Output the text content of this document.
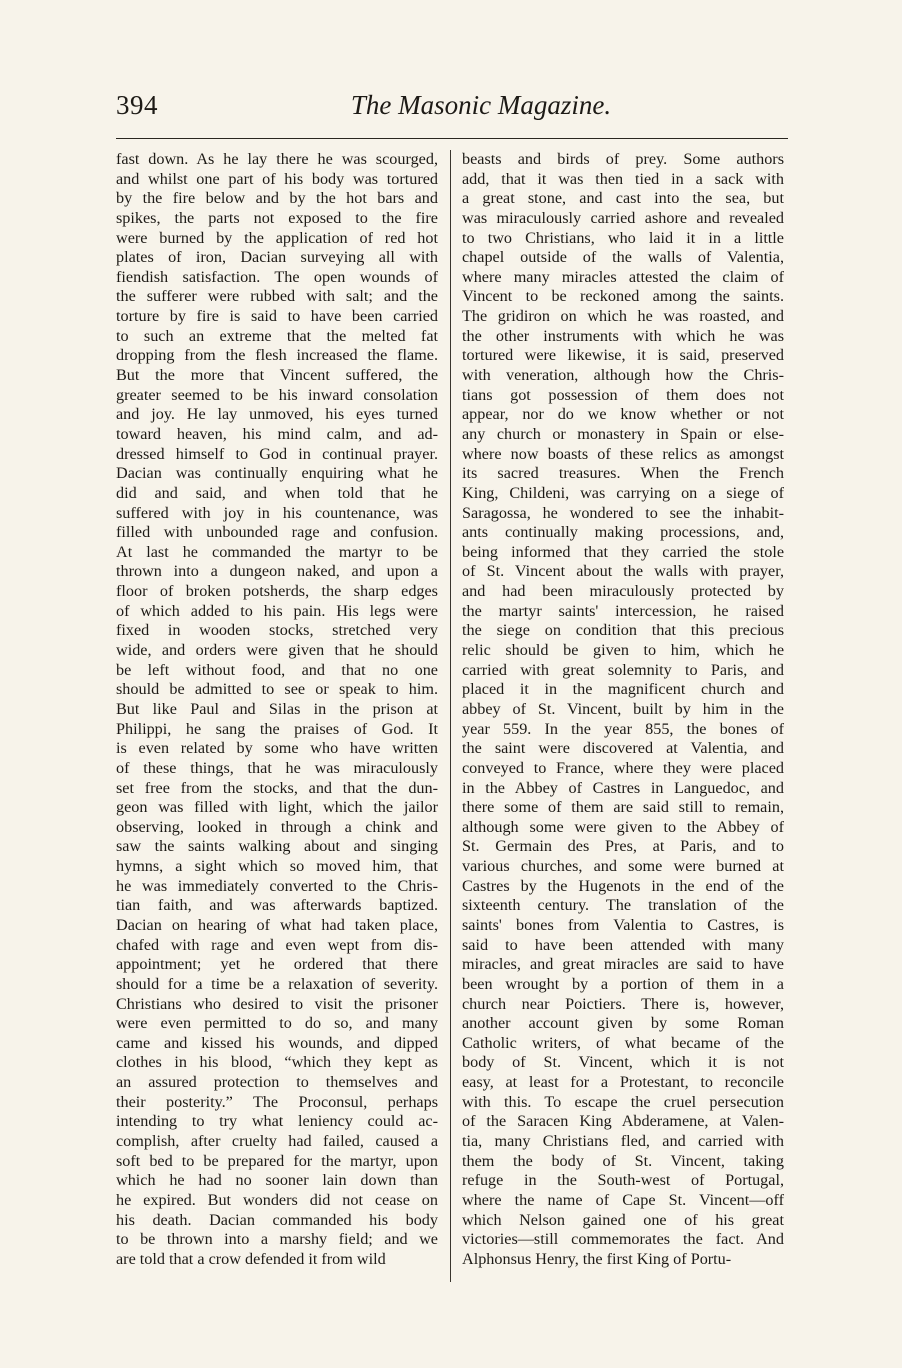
394	The Masonic Magazine.
fast down. As he lay there he was scourged,
and whilst one part of his body was tortured
by the fire below and by the hot bars and
spikes, the parts not exposed to the fire
were burned by the application of red hot
plates of iron, Dacian surveying all with
fiendish satisfaction. The open wounds of
the sufferer were rubbed with salt; and the
torture by fire is said to have been carried
to such an extreme that the melted fat
dropping from the flesh increased the flame.
But the more that Vincent suffered, the
greater seemed to be his inward consolation
and joy. He lay unmoved, his eyes turned
toward heaven, his mind calm, and ad-
dressed himself to God in continual prayer.
Dacian was continually enquiring what he
did and said, and when told that he
suffered with joy in his countenance, was
filled with unbounded rage and confusion.
At last he commanded the martyr to be
thrown into a dungeon naked, and upon a
floor of broken potsherds, the sharp edges
of which added to his pain. His legs were
fixed in wooden stocks, stretched very
wide, and orders were given that he should
be left without food, and that no one
should be admitted to see or speak to him.
But like Paul and Silas in the prison at
Philippi, he sang the praises of God. It
is even related by some who have written
of these things, that he was miraculously
set free from the stocks, and that the dun-
geon was filled with light, which the jailor
observing, looked in through a chink and
saw the saints walking about and singing
hymns, a sight which so moved him, that
he was immediately converted to the Chris-
tian faith, and was afterwards baptized.
Dacian on hearing of what had taken place,
chafed with rage and even wept from dis-
appointment; yet he ordered that there
should for a time be a relaxation of severity.
Christians who desired to visit the prisoner
were even permitted to do so, and many
came and kissed his wounds, and dipped
clothes in his blood, “which they kept as
an assured protection to themselves and
their posterity.” The Proconsul, perhaps
intending to try what leniency could ac-
complish, after cruelty had failed, caused a
soft bed to be prepared for the martyr, upon
which he had no sooner lain down than
he expired. But wonders did not cease on
his death. Dacian commanded his body
to be thrown into a marshy field; and we
are told that a crow defended it from wild
beasts and birds of prey. Some authors
add, that it was then tied in a sack with
a great stone, and cast into the sea, but
was miraculously carried ashore and revealed
to two Christians, who laid it in a little
chapel outside of the walls of Valentia,
where many miracles attested the claim of
Vincent to be reckoned among the saints.
The gridiron on which he was roasted, and
the other instruments with which he was
tortured were likewise, it is said, preserved
with veneration, although how the Chris-
tians got possession of them does not
appear, nor do we know whether or not
any church or monastery in Spain or else-
where now boasts of these relics as amongst
its sacred treasures. When the French
King, Childeni, was carrying on a siege of
Saragossa, he wondered to see the inhabit-
ants continually making processions, and,
being informed that they carried the stole
of St. Vincent about the walls with prayer,
and had been miraculously protected by
the martyr saints' intercession, he raised
the siege on condition that this precious
relic should be given to him, which he
carried with great solemnity to Paris, and
placed it in the magnificent church and
abbey of St. Vincent, built by him in the
year 559. In the year 855, the bones of
the saint were discovered at Valentia, and
conveyed to France, where they were placed
in the Abbey of Castres in Languedoc, and
there some of them are said still to remain,
although some were given to the Abbey of
St. Germain des Pres, at Paris, and to
various churches, and some were burned at
Castres by the Hugenots in the end of the
sixteenth century. The translation of the
saints' bones from Valentia to Castres, is
said to have been attended with many
miracles, and great miracles are said to have
been wrought by a portion of them in a
church near Poictiers. There is, however,
another account given by some Roman
Catholic writers, of what became of the
body of St. Vincent, which it is not
easy, at least for a Protestant, to reconcile
with this. To escape the cruel persecution
of the Saracen King Abderamene, at Valen-
tia, many Christians fled, and carried with
them the body of St. Vincent, taking
refuge in the South-west of Portugal,
where the name of Cape St. Vincent—off
which Nelson gained one of his great
victories—still commemorates the fact. And
Alphonsus Henry, the first King of Portu-
